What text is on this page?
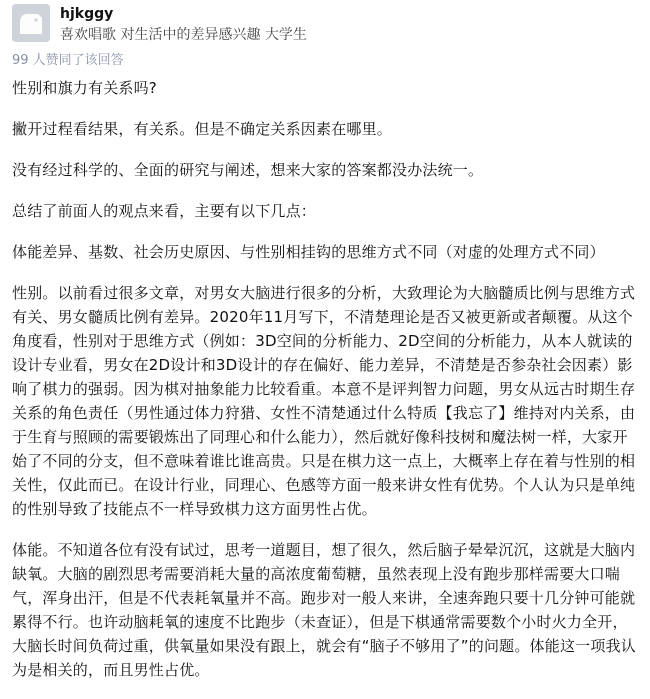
hjkggy
喜欢唱歌 对生活中的差异感兴趣 大学生
99 人赞同了该回答

性别和旗力有关系吗?

撇开过程看结果，有关系。但是不确定关系因素在哪里。

没有经过科学的、全面的研究与阐述，想来大家的答案都没办法统一。

总结了前面人的观点来看，主要有以下几点：

体能差异、基数、社会历史原因、与性别相挂钩的思维方式不同（对虚的处理方式不同）

性别。以前看过很多文章，对男女大脑进行很多的分析，大致理论为大脑髓质比例与思维方式有关、男女髓质比例有差异。2020年11月写下，不清楚理论是否又被更新或者颠覆。从这个角度看，性别对于思维方式（例如：3D空间的分析能力、2D空间的分析能力，从本人就读的设计专业看，男女在2D设计和3D设计的存在偏好、能力差异，不清楚是否参杂社会因素）影响了棋力的强弱。因为棋对抽象能力比较看重。本意不是评判智力问题，男女从远古时期生存关系的角色责任（男性通过体力狩猎、女性不清楚通过什么特质【我忘了】维持对内关系，由于生育与照顾的需要锻炼出了同理心和什么能力），然后就好像科技树和魔法树一样，大家开始了不同的分支，但不意味着谁比谁高贵。只是在棋力这一点上，大概率上存在着与性别的相关性，仅此而已。在设计行业，同理心、色感等方面一般来讲女性有优势。个人认为只是单纯的性别导致了技能点不一样导致棋力这方面男性占优。

体能。不知道各位有没有试过，思考一道题目，想了很久，然后脑子晕晕沉沉，这就是大脑内缺氧。大脑的剧烈思考需要消耗大量的高浓度葡萄糖，虽然表现上没有跑步那样需要大口喘气，浑身出汗，但是不代表耗氧量并不高。跑步对一般人来讲，全速奔跑只要十几分钟可能就累得不行。也许动脑耗氧的速度不比跑步（未查证），但是下棋通常需要数个小时火力全开，大脑长时间负荷过重，供氧量如果没有跟上，就会有“脑子不够用了”的问题。体能这一项我认为是相关的，而且男性占优。
